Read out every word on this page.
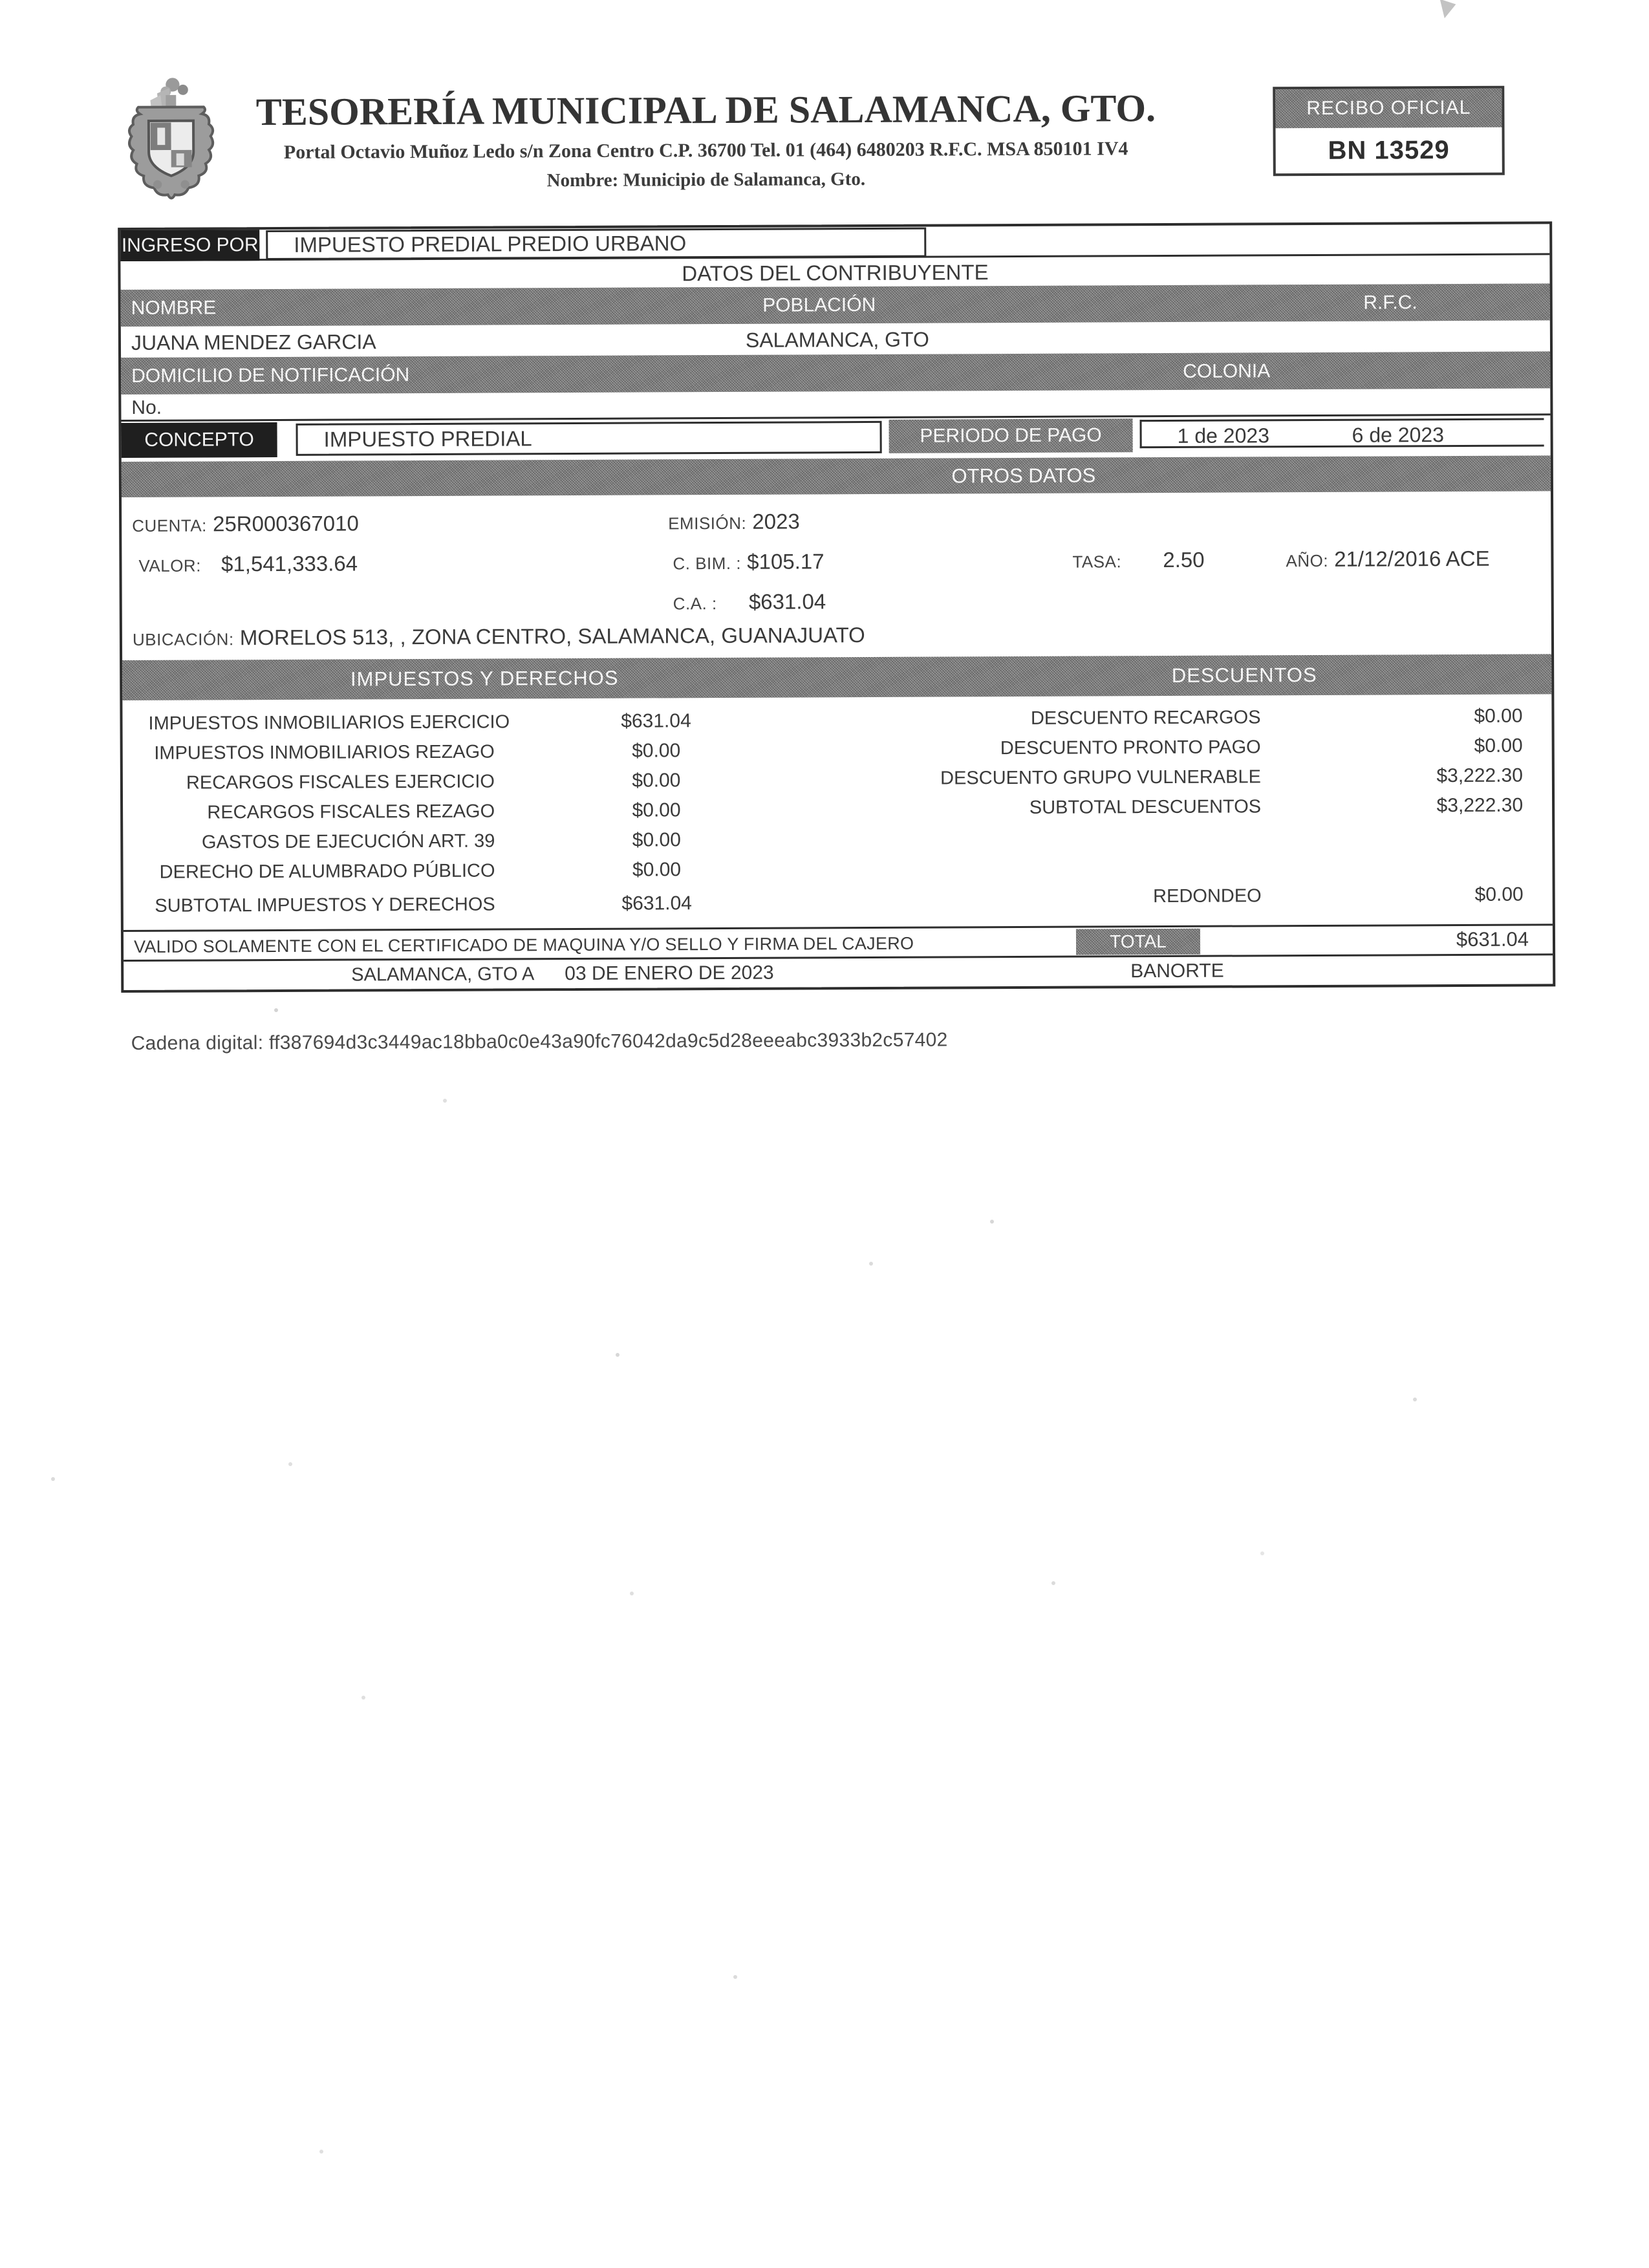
TESORERÍA MUNICIPAL DE SALAMANCA, GTO.
Portal Octavio Muñoz Ledo s/n Zona Centro C.P. 36700 Tel. 01 (464) 6480203 R.F.C. MSA 850101 IV4
Nombre: Municipio de Salamanca, Gto.
RECIBO OFICIAL
BN 13529
INGRESO POR	IMPUESTO PREDIAL PREDIO URBANO
DATOS DEL CONTRIBUYENTE
NOMBRE	POBLACIÓN	R.F.C.
JUANA MENDEZ GARCIA	SALAMANCA, GTO
DOMICILIO DE NOTIFICACIÓN	COLONIA
No.
CONCEPTO	IMPUESTO PREDIAL	PERIODO DE PAGO	1 de 2023	6 de 2023
OTROS DATOS
CUENTA: 25R000367010	EMISIÓN: 2023
VALOR: $1,541,333.64	C. BIM. : $105.17	TASA: 2.50	AÑO: 21/12/2016 ACE
C.A. : $631.04
UBICACIÓN: MORELOS 513, , ZONA CENTRO, SALAMANCA, GUANAJUATO
IMPUESTOS Y DERECHOS	DESCUENTOS
IMPUESTOS INMOBILIARIOS EJERCICIO	$631.04
IMPUESTOS INMOBILIARIOS REZAGO	$0.00
RECARGOS FISCALES EJERCICIO	$0.00
RECARGOS FISCALES REZAGO	$0.00
GASTOS DE EJECUCIÓN ART. 39	$0.00
DERECHO DE ALUMBRADO PÚBLICO	$0.00
SUBTOTAL IMPUESTOS Y DERECHOS	$631.04
DESCUENTO RECARGOS	$0.00
DESCUENTO PRONTO PAGO	$0.00
DESCUENTO GRUPO VULNERABLE	$3,222.30
SUBTOTAL DESCUENTOS	$3,222.30
REDONDEO	$0.00
VALIDO SOLAMENTE CON EL CERTIFICADO DE MAQUINA Y/O SELLO Y FIRMA DEL CAJERO	TOTAL	$631.04
SALAMANCA, GTO A 03 DE ENERO DE 2023	BANORTE
Cadena digital: ff387694d3c3449ac18bba0c0e43a90fc76042da9c5d28eeeabc3933b2c57402
